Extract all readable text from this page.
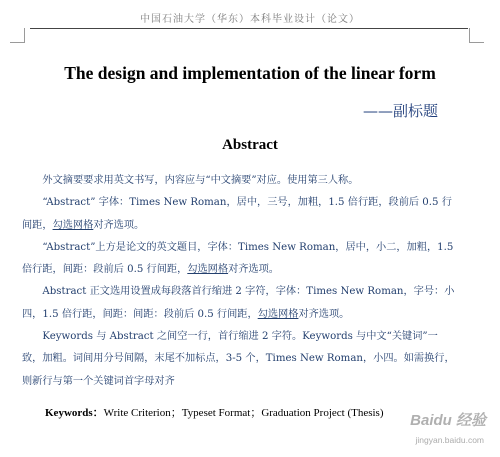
中国石油大学（华东）本科毕业设计（论文）
The design and implementation of the linear form
——副标题
Abstract

外文摘要要求用英文书写，内容应与“中文摘要”对应。使用第三人称。

“Abstract” 字体：Times New Roman，居中，三号，加粗，1.5 倍行距，段前后 0.5 行间距，勾选网格对齐选项。

“Abstract”上方是论文的英文题目，字体：Times New Roman，居中，小二，加粗，1.5 倍行距，间距：段前后 0.5 行间距，勾选网格对齐选项。

Abstract 正文选用设置成每段落首行缩进 2 字符，字体：Times New Roman，字号：小四，1.5 倍行距，间距：间距：段前后 0.5 行间距，勾选网格对齐选项。

Keywords 与 Abstract 之间空一行，首行缩进 2 字符。Keywords 与中文“关键词”一致，加粗。词间用分号间隔，末尾不加标点，3-5 个，Times New Roman，小四。如需换行，则新行与第一个关键词首字母对齐

Keywords：Write Criterion；Typeset Format；Graduation Project (Thesis)	Baidu 经验
jingyan.baidu.com
